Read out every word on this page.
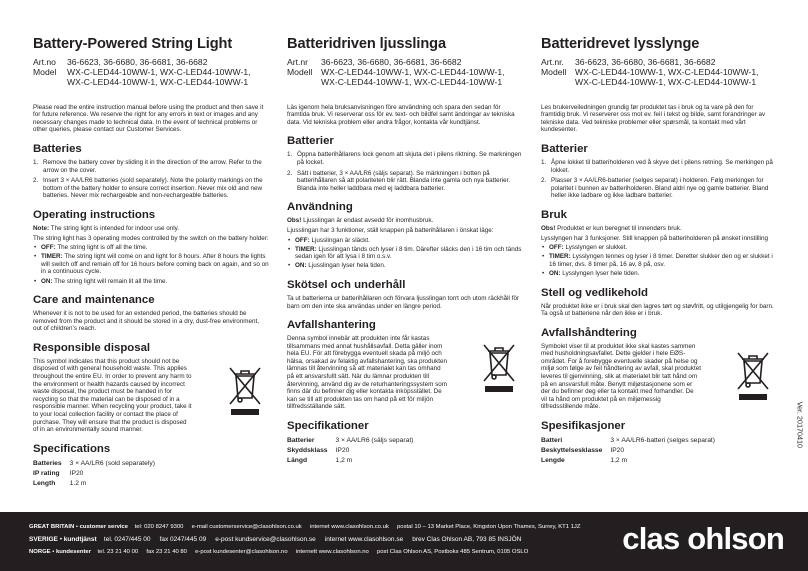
Battery-Powered String Light
Art.no	36-6623, 36-6680, 36-6681, 36-6682
Model	WX-C-LED44-10WW-1, WX-C-LED44-10WW-1,
WX-C-LED44-10WW-1, WX-C-LED44-10WW-1

Please read the entire instruction manual before using the product and then save it for future reference. We reserve the right for any errors in text or images and any necessary changes made to technical data. In the event of technical problems or other queries, please contact our Customer Services.

Batteries
1. Remove the battery cover by sliding it in the direction of the arrow. Refer to the arrow on the cover.
2. Insert 3 × AA/LR6 batteries (sold separately). Note the polarity markings on the bottom of the battery holder to ensure correct insertion. Never mix old and new batteries. Never mix rechargeable and non-rechargeable batteries.
Operating instructions

Note: The string light is intended for indoor use only.

The string light has 3 operating modes controlled by the switch on the battery holder:

• OFF: The string light is off all the time.
• TIMER: The string light will come on and light for 8 hours. After 8 hours the lights will switch off and remain off for 16 hours before coming back on again, and so on in a continuous cycle.
• ON: The string light will remain lit all the time.
Care and maintenance

Whenever it is not to be used for an extended period, the batteries should be removed from the product and it should be stored in a dry, dust-free environment, out of children’s reach.

Responsible disposal

This symbol indicates that this product should not be disposed of with general household waste. This applies throughout the entire EU. In order to prevent any harm to the environment or health hazards caused by incorrect waste disposal, the product must be handed in for recycling so that the material can be disposed of in a responsible manner. When recycling your product, take it to your local collection facility or contact the place of purchase. They will ensure that the product is disposed of in an environmentally sound manner.

Specifications
Batteries	3 × AA/LR6 (sold separately)
IP rating	IP20
Length	1.2 m
Batteridriven ljusslinga
Art.nr	36-6623, 36-6680, 36-6681, 36-6682
Modell	WX-C-LED44-10WW-1, WX-C-LED44-10WW-1,
WX-C-LED44-10WW-1, WX-C-LED44-10WW-1

Läs igenom hela bruksanvisningen före användning och spara den sedan för framtida bruk. Vi reserverar oss för ev. text- och bildfel samt ändringar av tekniska data. Vid tekniska problem eller andra frågor, kontakta vår kundtjänst.

Batterier
1. Öppna batterihållarens lock genom att skjuta det i pilens riktning. Se markningen på locket.
2. Sätt i batterier, 3 × AA/LR6 (säljs separat). Se märkningen i botten på batterihållaren så att polariteten blir rätt. Blanda inte gamla och nya batterier. Blanda inte heller laddbara med ej laddbara batterier.
Användning

Obs! Ljusslingan är endast avsedd för inomhusbruk.

Ljusslingan har 3 funktioner, ställ knappen på batterihållaren i önskat läge:

• OFF: Ljusslingan är släckt.
• TIMER: Ljusslingan tänds och lyser i 8 tim. Därefter släcks den i 16 tim och tänds sedan igen för att lysa i 8 tim o.s.v.
• ON: Ljusslingan lyser hela tiden.
Skötsel och underhåll

Ta ut batterierna ur batterihållaren och förvara ljusslingan torrt och utom räckhåll för barn om den inte ska användas under en längre period.

Avfallshantering

Denna symbol innebär att produkten inte får kastas tillsammans med annat hushållsavfall. Detta gäller inom hela EU. För att förebygga eventuell skada på miljö och hälsa, orsakad av felaktig avfallshantering, ska produkten lämnas till återvinning så att materialet kan tas omhand på ett ansvarsfullt sätt. När du lämnar produkten till återvinning, använd dig av de returhanteringssystem som finns där du befinner dig eller kontakta inköpsstället. De kan se till att produkten tas om hand på ett för miljön tillfredsställande sätt.

Specifikationer
Batterier	3 × AA/LR6 (säljs separat)
Skyddsklass	IP20
Längd	1,2 m
Batteridrevet lysslynge
Art.nr.	36-6623, 36-6680, 36-6681, 36-6682
Modell	WX-C-LED44-10WW-1, WX-C-LED44-10WW-1,
WX-C-LED44-10WW-1, WX-C-LED44-10WW-1

Les brukerveiledningen grundig før produktet tas i bruk og ta vare på den for framtidig bruk. Vi reserverer oss mot ev. feil i tekst og bilde, samt forandringer av tekniske data. Ved tekniske problemer eller spørsmål, ta kontakt med vårt kundesenter.

Batterier
1. Åpne lokket til batteriholderen ved å skyve det i pilens retning. Se merkingen på lokket.
2. Plasser 3 × AA/LR6-batterier (selges separat) i holderen. Følg merkingen for polaritet i bunnen av batteriholderen. Bland aldri nye og gamle batterier. Bland heller ikke ladbare og ikke ladbare batterier.
Bruk

Obs! Produktet er kun beregnet til innendørs bruk.

Lysslyngen har 3 funksjoner. Still knappen på batteriholderen på ønsket innstilling

• OFF: Lysslyngen er slukket.
• TIMER: Lysslyngen tennes og lyser i 8 timer. Deretter slukker den og er slukket i 16 timer, dvs. 8 timer på, 16 av, 8 på, osv.
• ON: Lysslyngen lyser hele tiden.
Stell og vedlikehold

Når produktet ikke er i bruk skal den lagres tørt og støvfritt, og utilgjengelig for barn. Ta også ut batteriene når den ikke er i bruk.

Avfallshåndtering

Symbolet viser til at produktet ikke skal kastes sammen med husholdningsavfallet. Dette gjelder i hele EØS-området. For å forebygge eventuelle skader på helse og miljø som følge av feil håndtering av avfall, skal produktet leveres til gjenvinning, slik at materialet blir tatt hånd om på en ansvarsfull måte. Benytt miljøstasjonene som er der du befinner deg eller ta kontakt med forhandler. De vil ta hånd om produktet på en miljømessig tilfredsstillende måte.

Spesifikasjoner
Batteri	3 × AA/LR6-batteri (selges separat)
Beskyttelsesklasse	IP20
Lengde	1,2 m
Ver. 20170410
GREAT BRITAIN • customer service tel: 020 8247 9300 e-mail customerservice@clasohlson.co.uk internet www.clasohlson.co.uk postal 10 – 13 Market Place, Kingston Upon Thames, Surrey, KT1 1JZ
SVERIGE • kundtjänst tel. 0247/445 00 fax 0247/445 09 e-post kundservice@clasohlson.se internet www.clasohlson.se brev Clas Ohlson AB, 793 85 INSJÖN
NORGE • kundesenter tel. 23 21 40 00 fax 23 21 40 80 e-post kundesenter@clasohlson.no internett www.clasohlson.no post Clas Ohlson AS, Postboks 485 Sentrum, 0105 OSLO	clas ohlson
